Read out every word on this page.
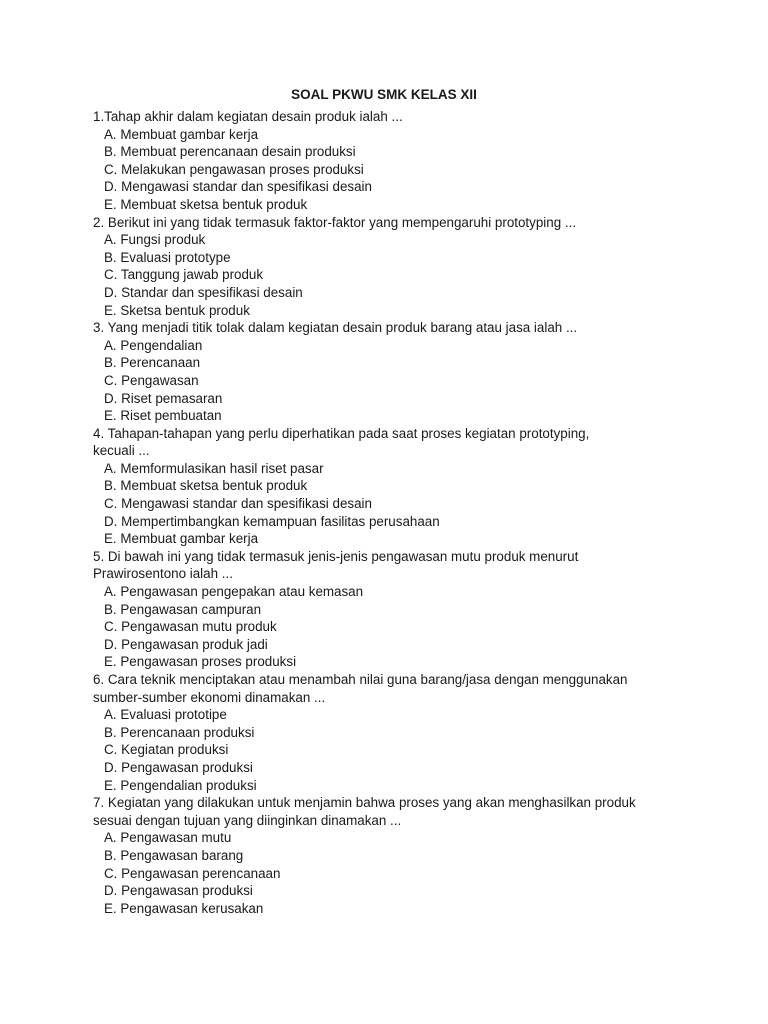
SOAL PKWU SMK KELAS XII
1.Tahap akhir dalam kegiatan desain produk ialah ...
A. Membuat gambar kerja
B. Membuat perencanaan desain produksi
C. Melakukan pengawasan proses produksi
D. Mengawasi standar dan spesifikasi desain
E. Membuat sketsa bentuk produk
2. Berikut ini yang tidak termasuk faktor-faktor yang mempengaruhi prototyping ...
A. Fungsi produk
B. Evaluasi prototype
C. Tanggung jawab produk
D. Standar dan spesifikasi desain
E. Sketsa bentuk produk
3. Yang menjadi titik tolak dalam kegiatan desain produk barang atau jasa ialah ...
A. Pengendalian
B. Perencanaan
C. Pengawasan
D. Riset pemasaran
E. Riset pembuatan
4. Tahapan-tahapan yang perlu diperhatikan pada saat proses kegiatan prototyping,
kecuali ...
A. Memformulasikan hasil riset pasar
B. Membuat sketsa bentuk produk
C. Mengawasi standar dan spesifikasi desain
D. Mempertimbangkan kemampuan fasilitas perusahaan
E. Membuat gambar kerja
5. Di bawah ini yang tidak termasuk jenis-jenis pengawasan mutu produk menurut
Prawirosentono ialah ...
A. Pengawasan pengepakan atau kemasan
B. Pengawasan campuran
C. Pengawasan mutu produk
D. Pengawasan produk jadi
E. Pengawasan proses produksi
6. Cara teknik menciptakan atau menambah nilai guna barang/jasa dengan menggunakan
sumber-sumber ekonomi dinamakan ...
A. Evaluasi prototipe
B. Perencanaan produksi
C. Kegiatan produksi
D. Pengawasan produksi
E. Pengendalian produksi
7. Kegiatan yang dilakukan untuk menjamin bahwa proses yang akan menghasilkan produk
sesuai dengan tujuan yang diinginkan dinamakan ...
A. Pengawasan mutu
B. Pengawasan barang
C. Pengawasan perencanaan
D. Pengawasan produksi
E. Pengawasan kerusakan
